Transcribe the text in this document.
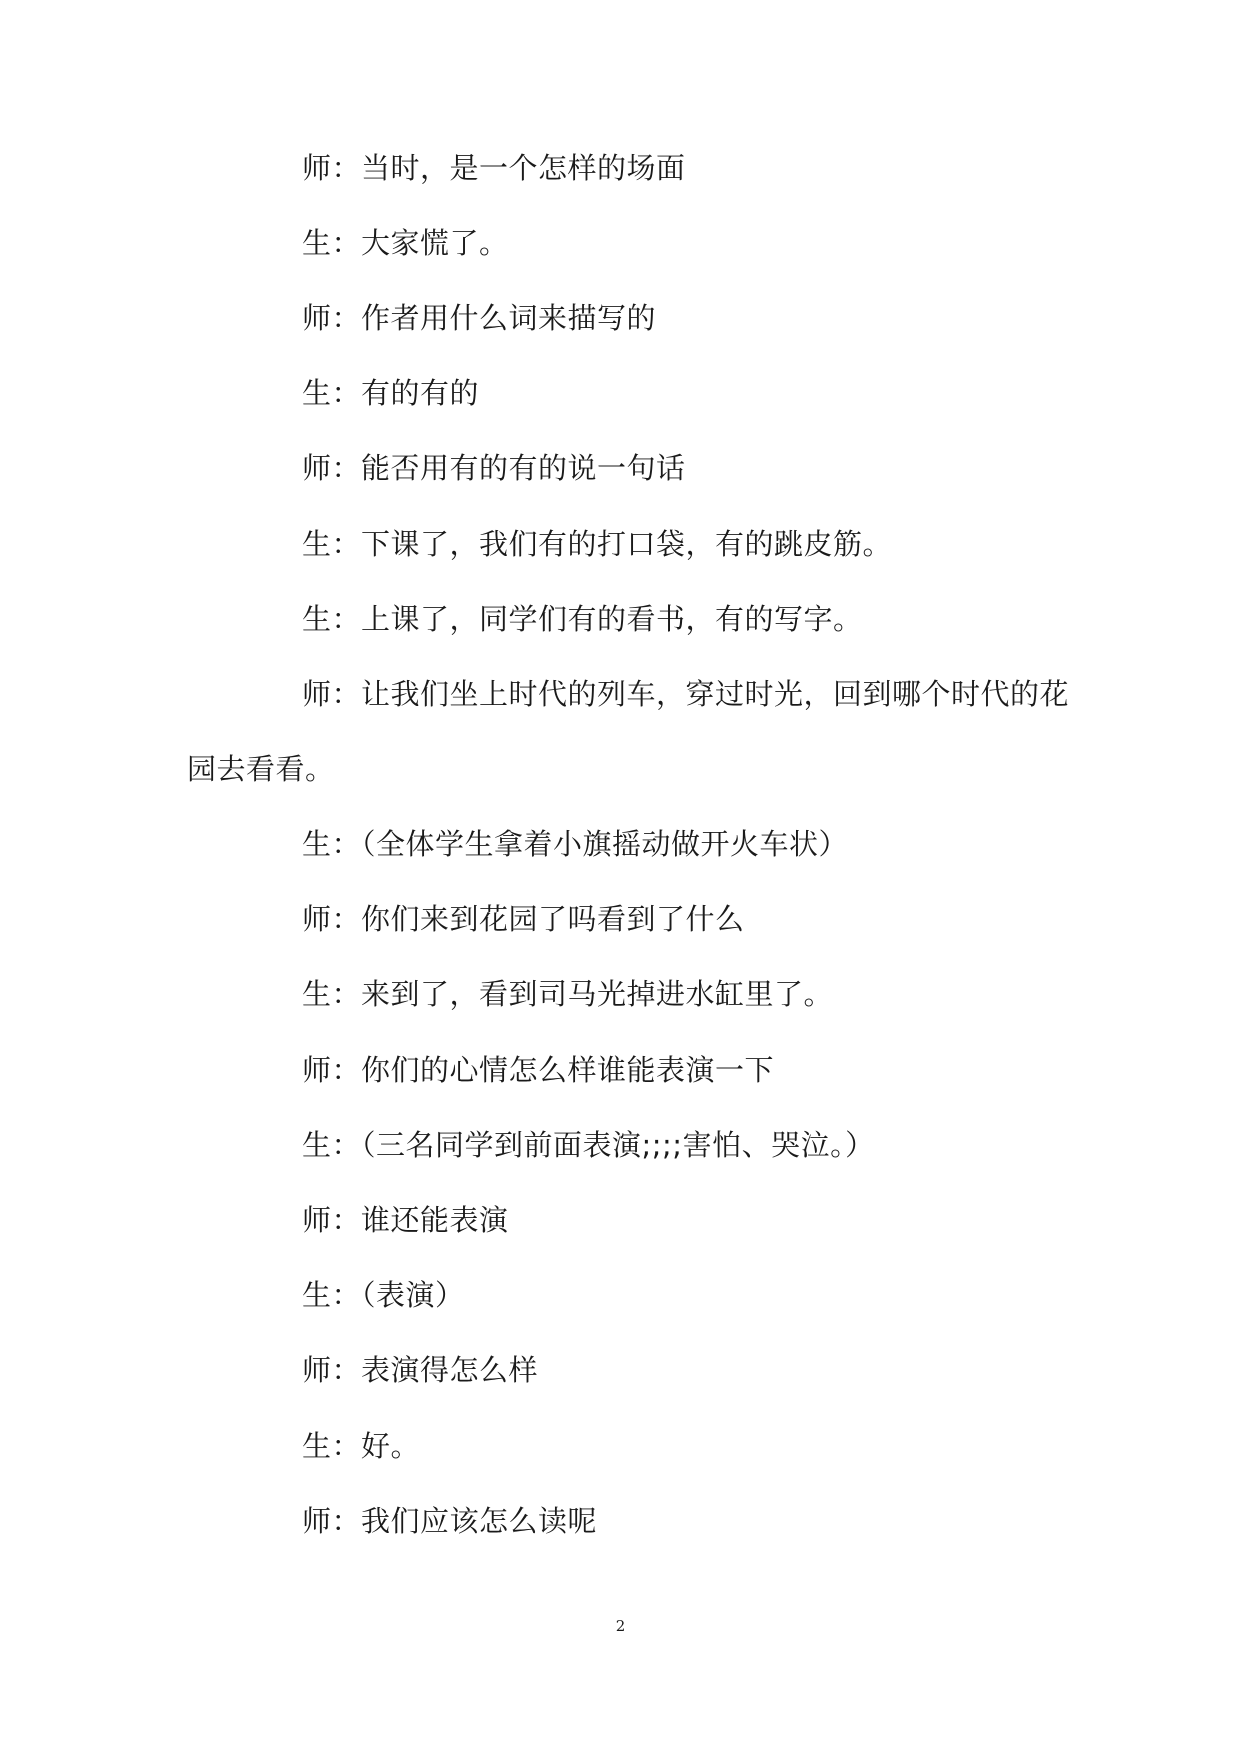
师：当时，是一个怎样的场面
生：大家慌了。
师：作者用什么词来描写的
生：有的有的
师：能否用有的有的说一句话
生：下课了，我们有的打口袋，有的跳皮筋。
生：上课了，同学们有的看书，有的写字。
师：让我们坐上时代的列车，穿过时光，回到哪个时代的花
园去看看。
生：（全体学生拿着小旗摇动做开火车状）
师：你们来到花园了吗看到了什么
生：来到了，看到司马光掉进水缸里了。
师：你们的心情怎么样谁能表演一下
生：（三名同学到前面表演;;;;害怕、哭泣。）
师：谁还能表演
生：（表演）
师：表演得怎么样
生：好。
师：我们应该怎么读呢
2
